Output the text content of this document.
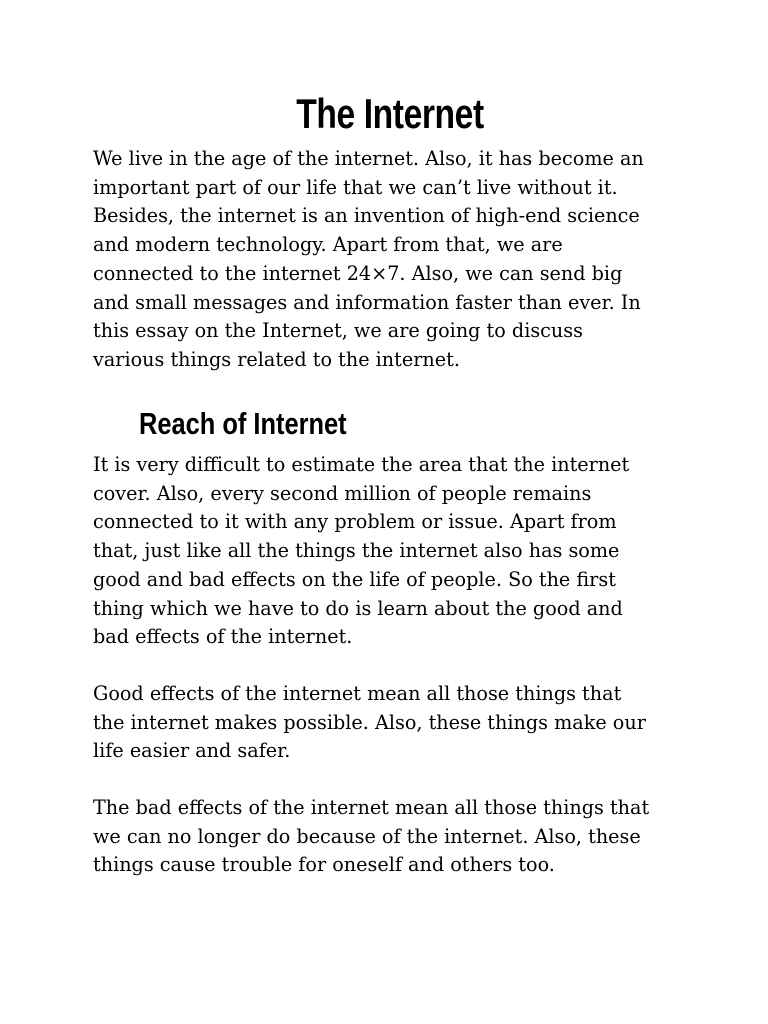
The Internet

We live in the age of the internet. Also, it has become an
important part of our life that we can’t live without it.
Besides, the internet is an invention of high-end science
and modern technology. Apart from that, we are
connected to the internet 24×7. Also, we can send big
and small messages and information faster than ever. In
this essay on the Internet, we are going to discuss
various things related to the internet.

Reach of Internet

It is very difficult to estimate the area that the internet
cover. Also, every second million of people remains
connected to it with any problem or issue. Apart from
that, just like all the things the internet also has some
good and bad effects on the life of people. So the first
thing which we have to do is learn about the good and
bad effects of the internet.

Good effects of the internet mean all those things that
the internet makes possible. Also, these things make our
life easier and safer.

The bad effects of the internet mean all those things that
we can no longer do because of the internet. Also, these
things cause trouble for oneself and others too.
